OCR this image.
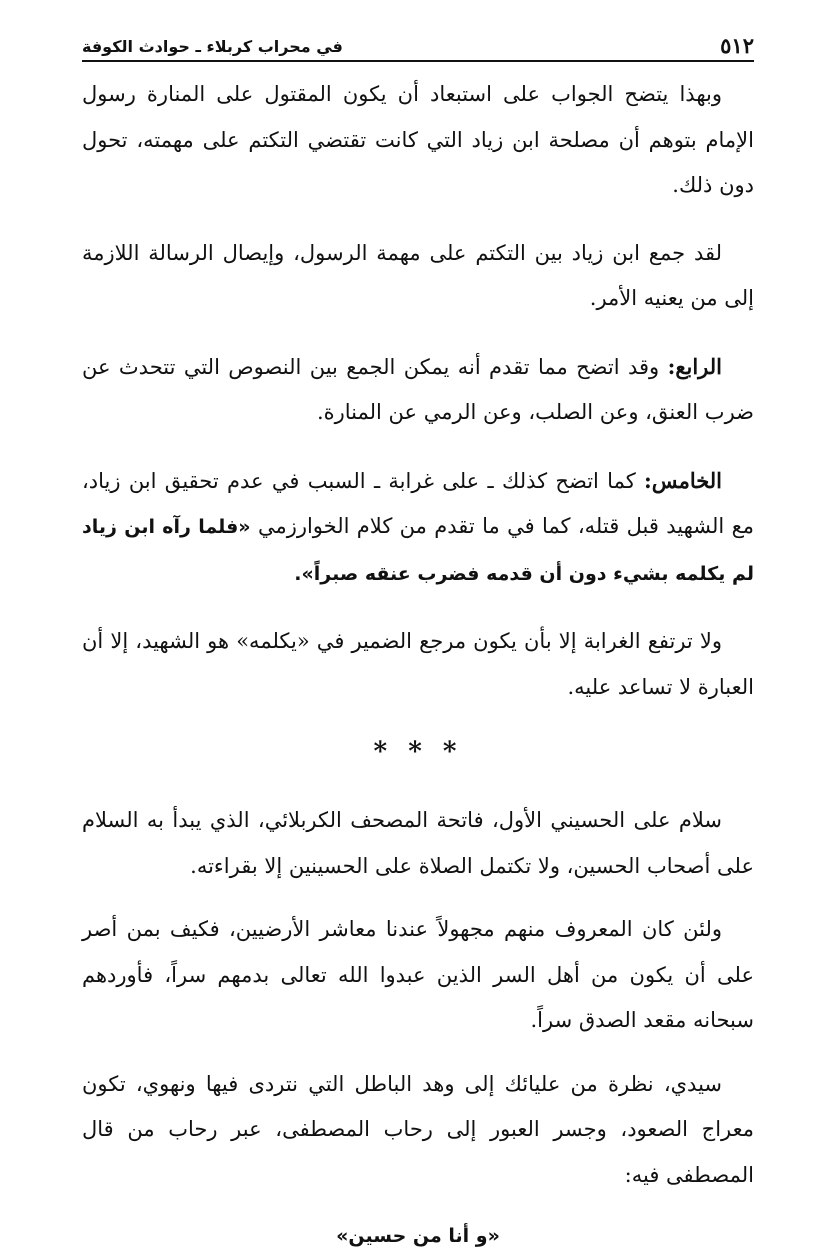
٥١٢
في محراب كربلاء ـ حوادث الكوفة

وبهذا يتضح الجواب على استبعاد أن يكون المقتول على المنارة رسول الإمام بتوهم أن مصلحة ابن زياد التي كانت تقتضي التكتم على مهمته، تحول دون ذلك.

لقد جمع ابن زياد بين التكتم على مهمة الرسول، وإيصال الرسالة اللازمة إلى من يعنيه الأمر.

الرابع: وقد اتضح مما تقدم أنه يمكن الجمع بين النصوص التي تتحدث عن ضرب العنق، وعن الصلب، وعن الرمي عن المنارة.

الخامس: كما اتضح كذلك ـ على غرابة ـ السبب في عدم تحقيق ابن زياد، مع الشهيد قبل قتله، كما في ما تقدم من كلام الخوارزمي «فلما رآه ابن زياد لم يكلمه بشيء دون أن قدمه فضرب عنقه صبراً».

ولا ترتفع الغرابة إلا بأن يكون مرجع الضمير في «يكلمه» هو الشهيد، إلا أن العبارة لا تساعد عليه.

* * *

سلام على الحسيني الأول، فاتحة المصحف الكربلائي، الذي يبدأ به السلام على أصحاب الحسين، ولا تكتمل الصلاة على الحسينين إلا بقراءته.

ولئن كان المعروف منهم مجهولاً عندنا معاشر الأرضيين، فكيف بمن أصر على أن يكون من أهل السر الذين عبدوا الله تعالى بدمهم سراً، فأوردهم سبحانه مقعد الصدق سراً.

سيدي، نظرة من عليائك إلى وهد الباطل التي نتردى فيها ونهوي، تكون معراج الصعود، وجسر العبور إلى رحاب المصطفى، عبر رحاب من قال المصطفى فيه:

«و أنا من حسين»
